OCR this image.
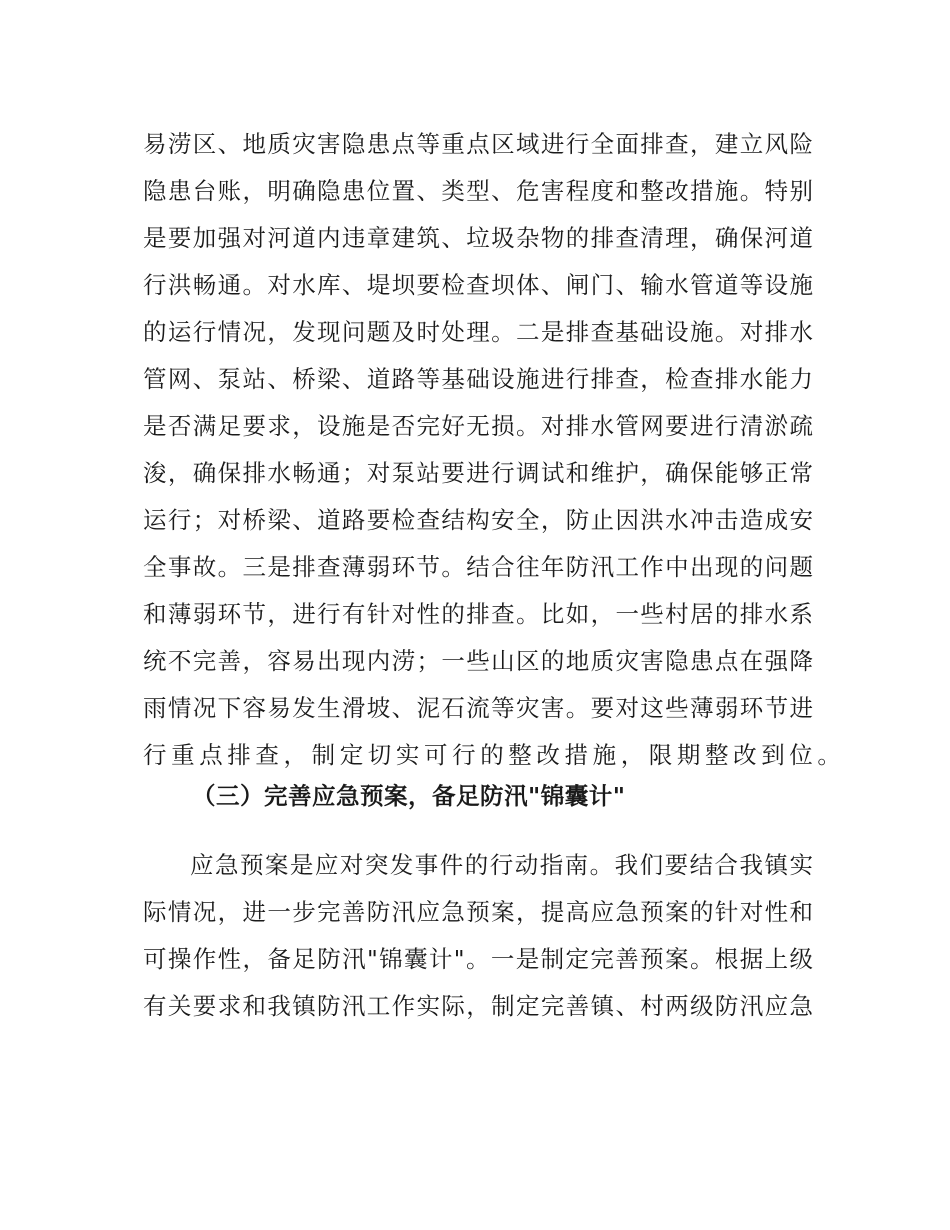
易涝区、地质灾害隐患点等重点区域进行全面排查，建立风险
隐患台账，明确隐患位置、类型、危害程度和整改措施。特别
是要加强对河道内违章建筑、垃圾杂物的排查清理，确保河道
行洪畅通。对水库、堤坝要检查坝体、闸门、输水管道等设施
的运行情况，发现问题及时处理。二是排查基础设施。对排水
管网、泵站、桥梁、道路等基础设施进行排查，检查排水能力
是否满足要求，设施是否完好无损。对排水管网要进行清淤疏
浚，确保排水畅通；对泵站要进行调试和维护，确保能够正常
运行；对桥梁、道路要检查结构安全，防止因洪水冲击造成安
全事故。三是排查薄弱环节。结合往年防汛工作中出现的问题
和薄弱环节，进行有针对性的排查。比如，一些村居的排水系
统不完善，容易出现内涝；一些山区的地质灾害隐患点在强降
雨情况下容易发生滑坡、泥石流等灾害。要对这些薄弱环节进
行重点排查，制定切实可行的整改措施，限期整改到位。
（三）完善应急预案，备足防汛"锦囊计"
应急预案是应对突发事件的行动指南。我们要结合我镇实
际情况，进一步完善防汛应急预案，提高应急预案的针对性和
可操作性，备足防汛"锦囊计"。一是制定完善预案。根据上级
有关要求和我镇防汛工作实际，制定完善镇、村两级防汛应急
